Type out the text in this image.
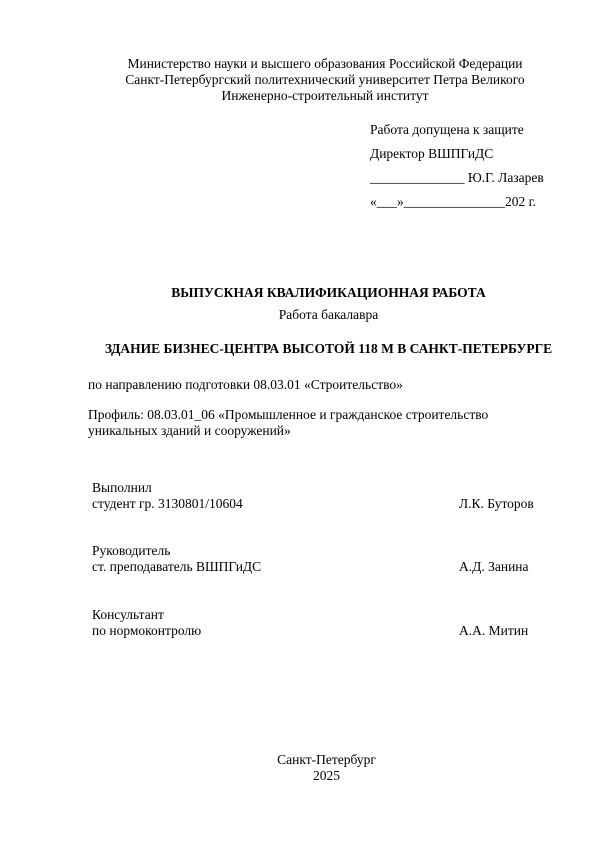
Министерство науки и высшего образования Российской Федерации
Санкт-Петербургский политехнический университет Петра Великого
Инженерно-строительный институт
Работа допущена к защите
Директор ВШПГиДС
______________ Ю.Г. Лазарев
«___»_______________202 г.
ВЫПУСКНАЯ КВАЛИФИКАЦИОННАЯ РАБОТА
Работа бакалавра
ЗДАНИЕ БИЗНЕС-ЦЕНТРА ВЫСОТОЙ 118 М В САНКТ-ПЕТЕРБУРГЕ
по направлению подготовки 08.03.01 «Строительство»
Профиль: 08.03.01_06 «Промышленное и гражданское строительство
уникальных зданий и сооружений»
Выполнил
студент гр. 3130801/10604	Л.К. Буторов
Руководитель
ст. преподаватель ВШПГиДС	А.Д. Занина
Консультант
по нормоконтролю	А.А. Митин
Санкт-Петербург
2025
